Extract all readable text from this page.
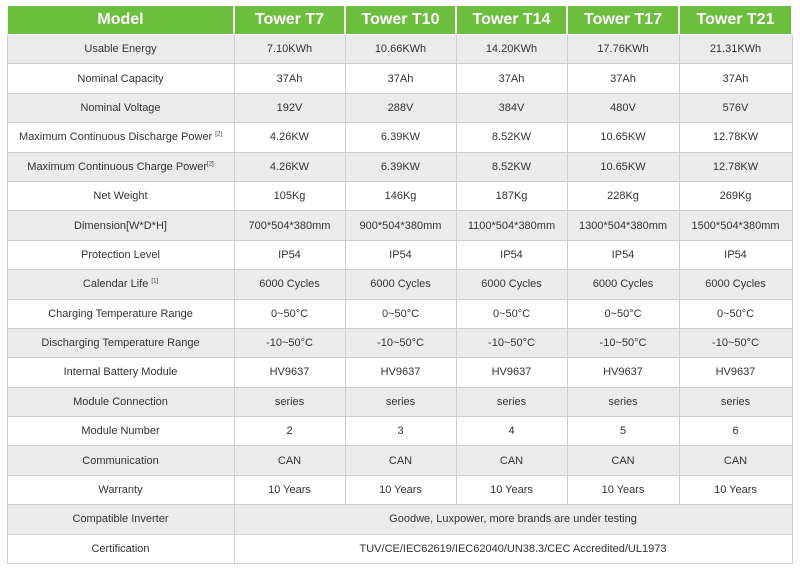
Model	Tower T7	Tower T10	Tower T14	Tower T17	Tower T21
Usable Energy	7.10KWh	10.66KWh	14.20KWh	17.76KWh	21.31KWh
Nominal Capacity	37Ah	37Ah	37Ah	37Ah	37Ah
Nominal Voltage	192V	288V	384V	480V	576V
Maximum Continuous Discharge Power [2]	4.26KW	6.39KW	8.52KW	10.65KW	12.78KW
Maximum Continuous Charge Power[2]	4.26KW	6.39KW	8.52KW	10.65KW	12.78KW
Net Weight	105Kg	146Kg	187Kg	228Kg	269Kg
Dimension[W*D*H]	700*504*380mm	900*504*380mm	1100*504*380mm	1300*504*380mm	1500*504*380mm
Protection Level	IP54	IP54	IP54	IP54	IP54
Calendar Life [1]	6000 Cycles	6000 Cycles	6000 Cycles	6000 Cycles	6000 Cycles
Charging Temperature Range	0~50°C	0~50°C	0~50°C	0~50°C	0~50°C
Discharging Temperature Range	-10~50°C	-10~50°C	-10~50°C	-10~50°C	-10~50°C
Internal Battery Module	HV9637	HV9637	HV9637	HV9637	HV9637
Module Connection	series	series	series	series	series
Module Number	2	3	4	5	6
Communication	CAN	CAN	CAN	CAN	CAN
Warranty	10 Years	10 Years	10 Years	10 Years	10 Years
Compatible Inverter	Goodwe, Luxpower, more brands are under testing				
Certification	TUV/CE/IEC62619/IEC62040/UN38.3/CEC Accredited/UL1973				
